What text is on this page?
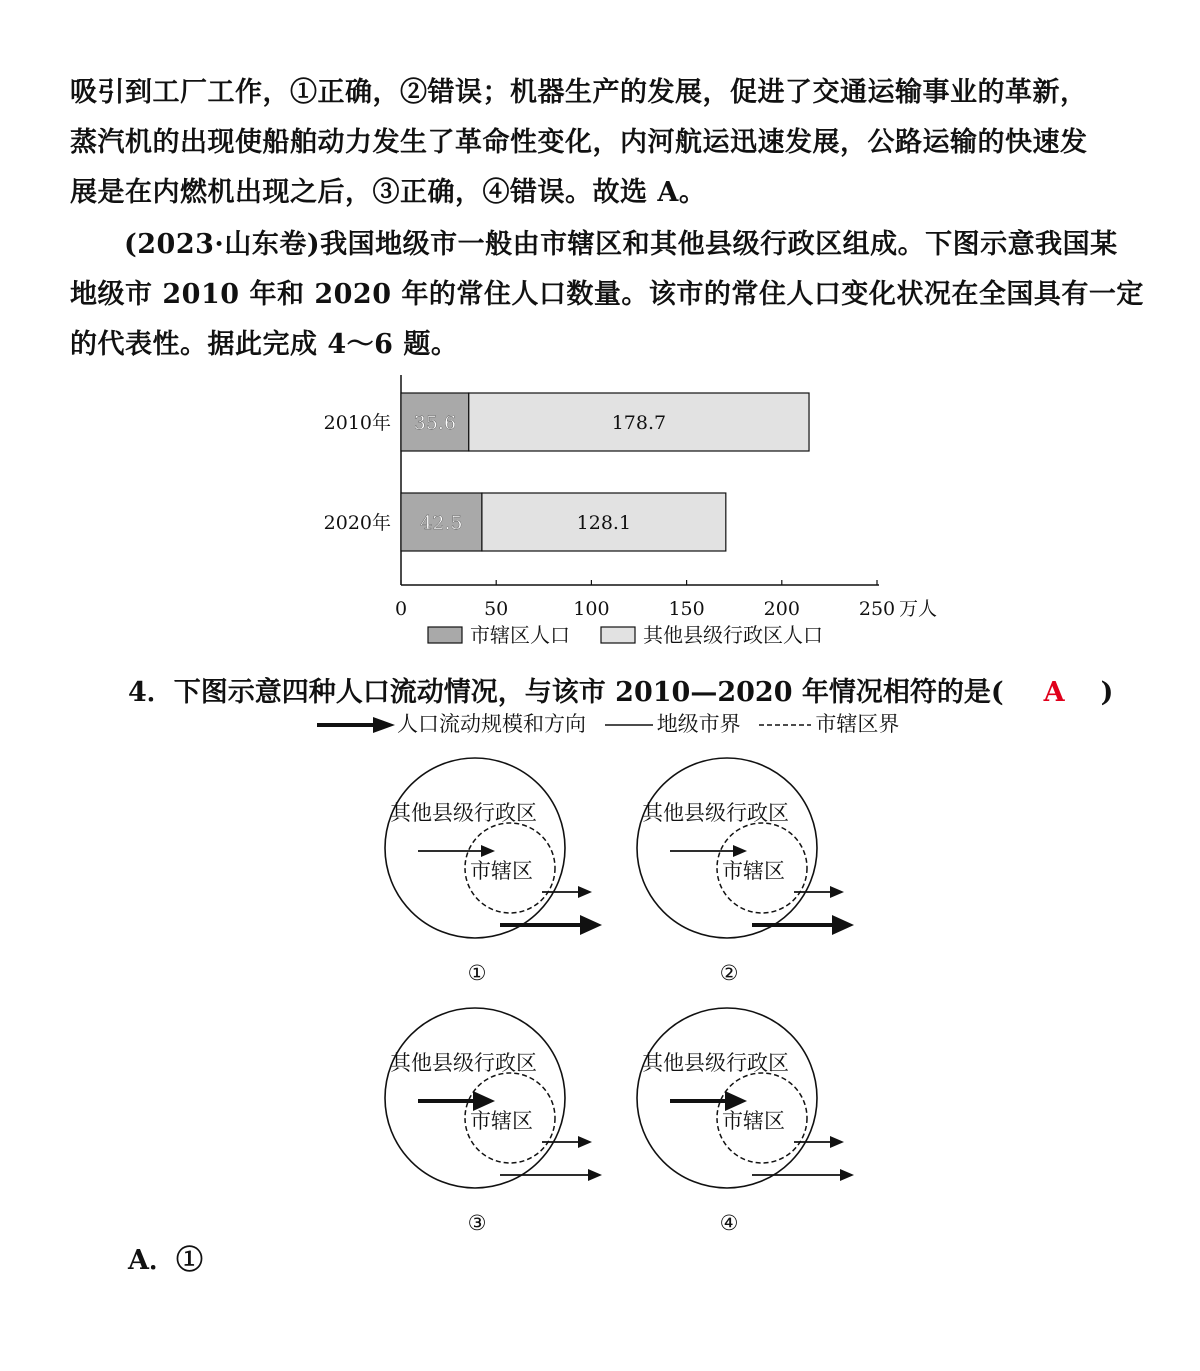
吸引到工厂工作，①正确，②错误；机器生产的发展，促进了交通运输事业的革新，
蒸汽机的出现使船舶动力发生了革命性变化，内河航运迅速发展，公路运输的快速发
展是在内燃机出现之后，③正确，④错误。故选 A。
(2023·山东卷)我国地级市一般由市辖区和其他县级行政区组成。下图示意我国某
地级市 2010 年和 2020 年的常住人口数量。该市的常住人口变化状况在全国具有一定
的代表性。据此完成 4～6 题。
0	50	100	150	200	250 万人
2010年 35.6	178.7
2020年 42.5	128.1
市辖区人口	其他县级行政区人口
4．下图示意四种人口流动情况，与该市 2010—2020 年情况相符的是( A )
人口流动规模和方向	地级市界	市辖区界
其他县级行政区
市辖区
①
其他县级行政区
市辖区
②
其他县级行政区
市辖区
③
其他县级行政区
市辖区
④
A．①
